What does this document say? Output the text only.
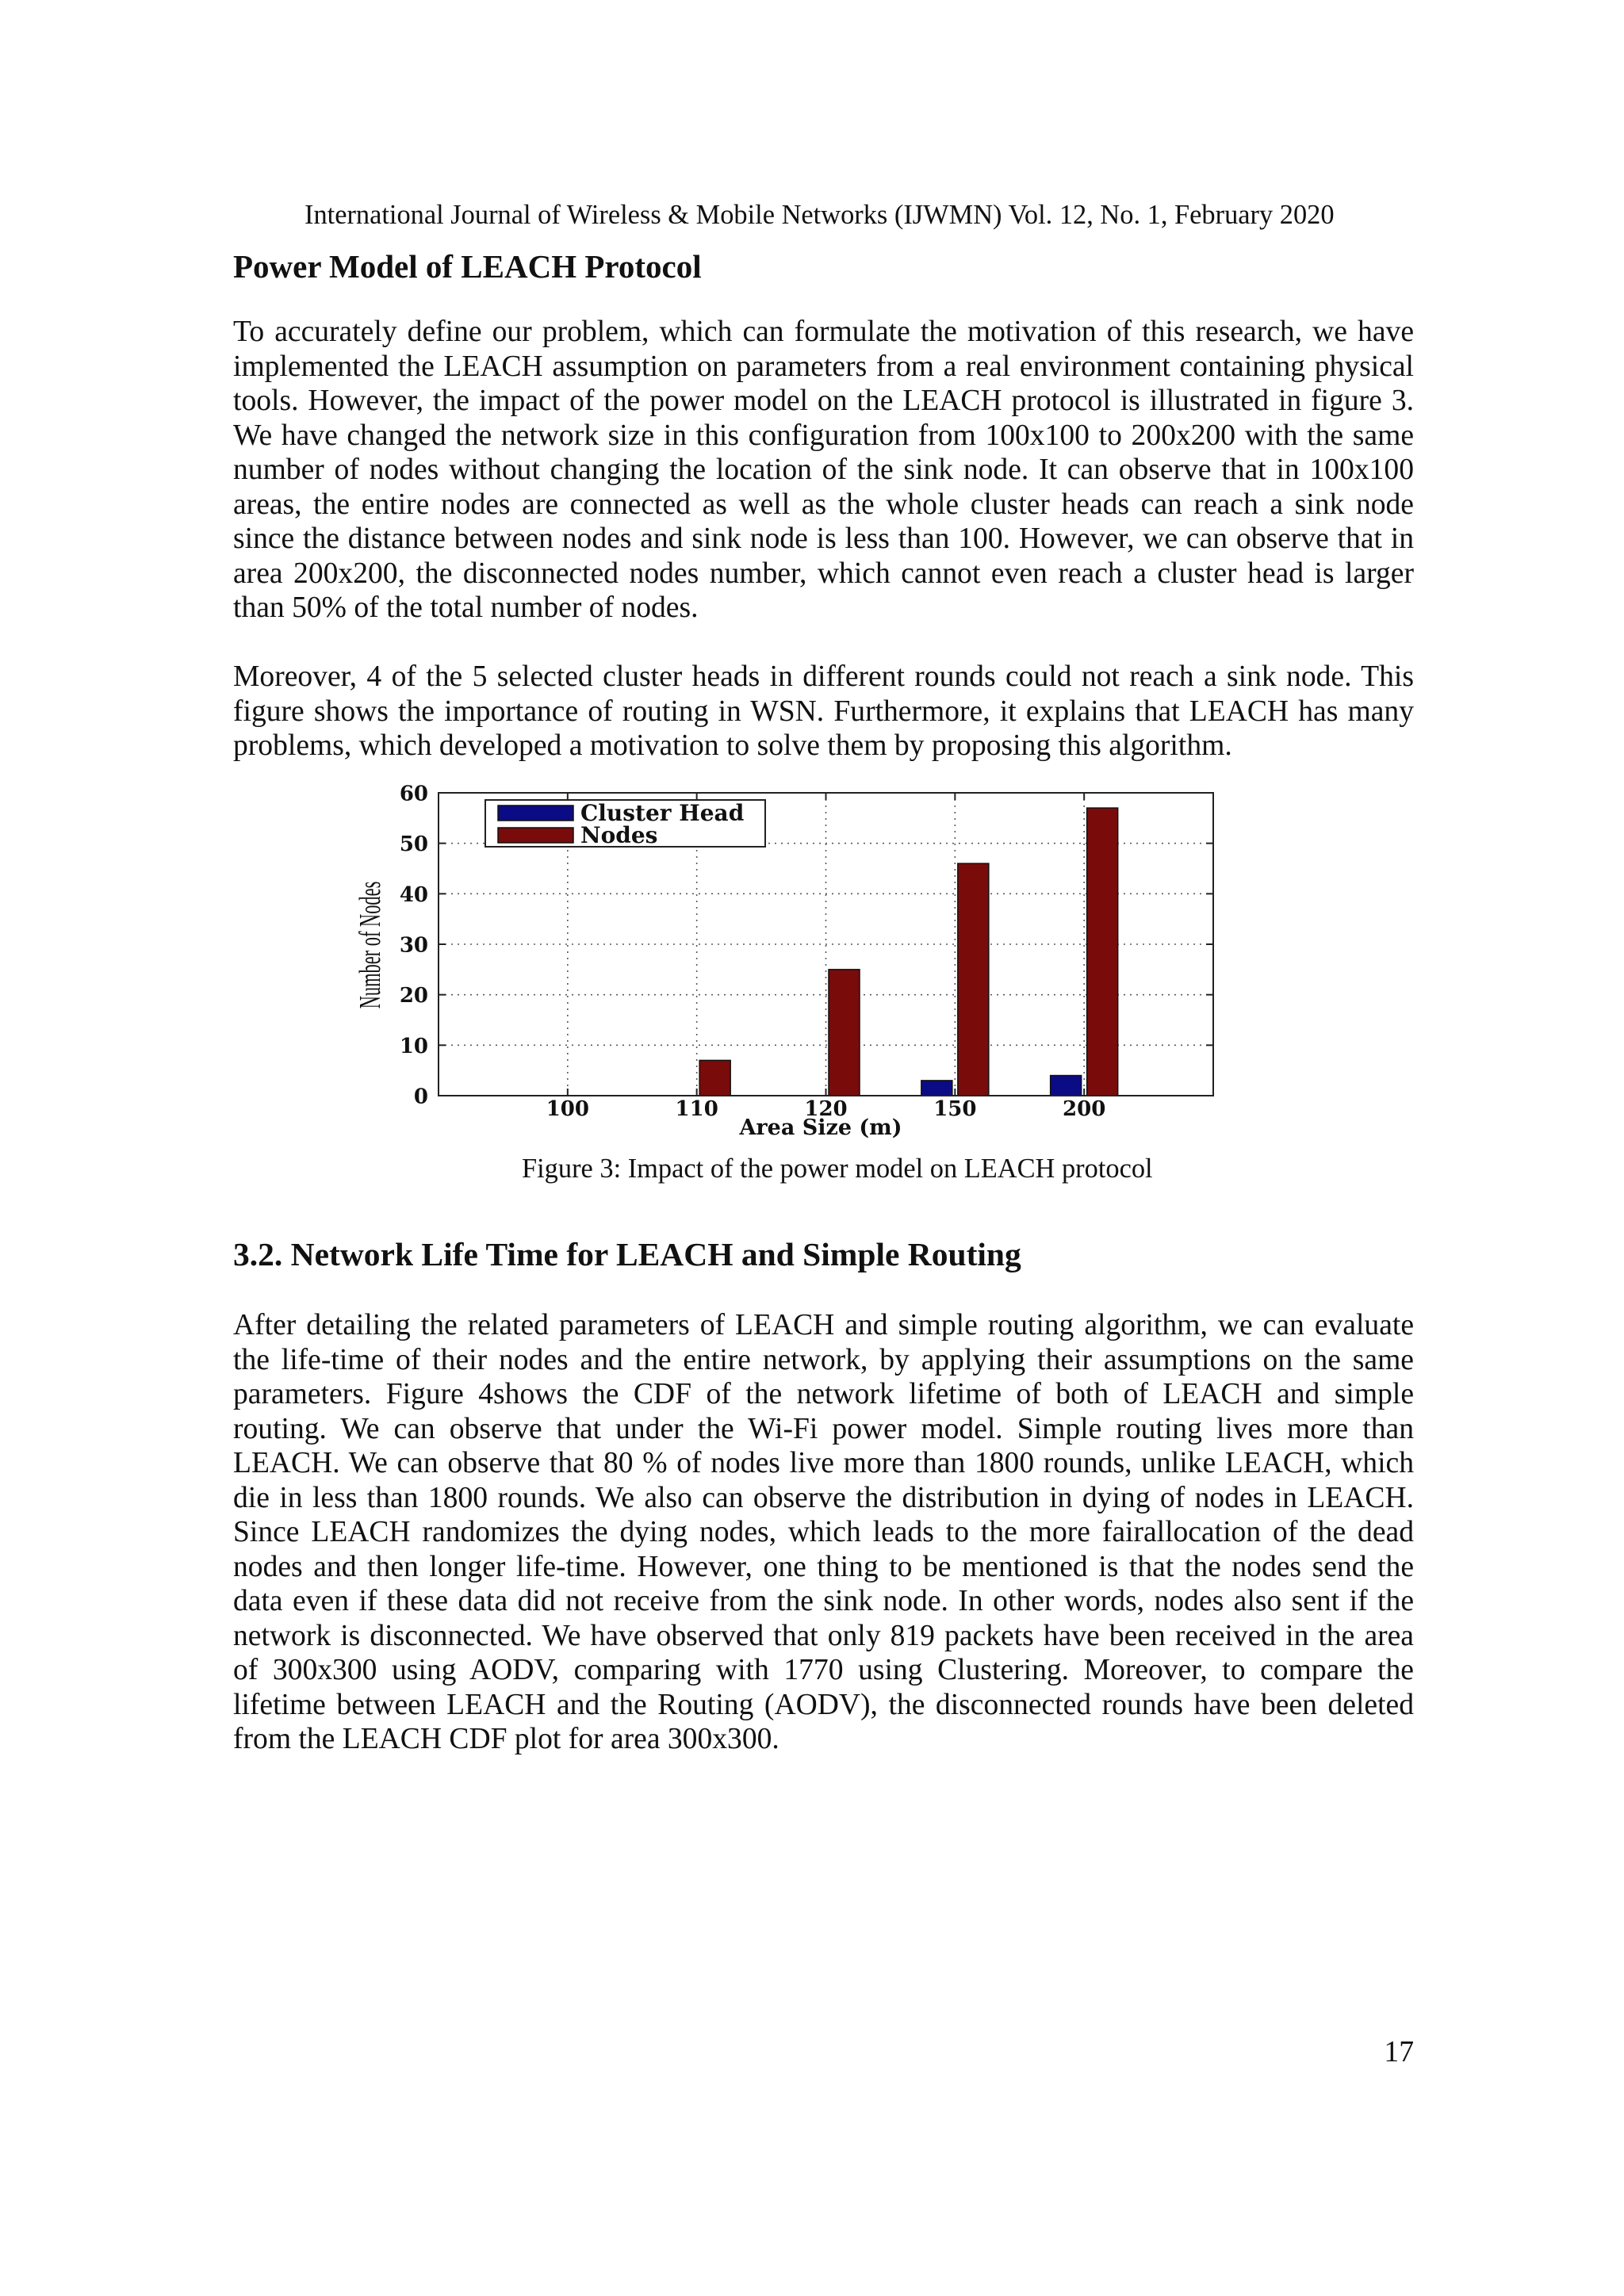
International Journal of Wireless & Mobile Networks (IJWMN) Vol. 12, No. 1, February 2020
Power Model of LEACH Protocol
To accurately define our problem, which can formulate the motivation of this research, we have
implemented the LEACH assumption on parameters from a real environment containing physical
tools. However, the impact of the power model on the LEACH protocol is illustrated in figure 3.
We have changed the network size in this configuration from 100x100 to 200x200 with the same
number of nodes without changing the location of the sink node. It can observe that in 100x100
areas, the entire nodes are connected as well as the whole cluster heads can reach a sink node
since the distance between nodes and sink node is less than 100. However, we can observe that in
area 200x200, the disconnected nodes number, which cannot even reach a cluster head is larger
than 50% of the total number of nodes.
Moreover, 4 of the 5 selected cluster heads in different rounds could not reach a sink node. This
figure shows the importance of routing in WSN. Furthermore, it explains that LEACH has many
problems, which developed a motivation to solve them by proposing this algorithm.
0
10
20
30
40
50
60
100	110	120	150	200
Area Size (m)
Number of Nodes
Cluster Head
Nodes
Figure 3: Impact of the power model on LEACH protocol
3.2. Network Life Time for LEACH and Simple Routing
After detailing the related parameters of LEACH and simple routing algorithm, we can evaluate
the life-time of their nodes and the entire network, by applying their assumptions on the same
parameters. Figure 4shows the CDF of the network lifetime of both of LEACH and simple
routing. We can observe that under the Wi-Fi power model. Simple routing lives more than
LEACH. We can observe that 80 % of nodes live more than 1800 rounds, unlike LEACH, which
die in less than 1800 rounds. We also can observe the distribution in dying of nodes in LEACH.
Since LEACH randomizes the dying nodes, which leads to the more fairallocation of the dead
nodes and then longer life-time. However, one thing to be mentioned is that the nodes send the
data even if these data did not receive from the sink node. In other words, nodes also sent if the
network is disconnected. We have observed that only 819 packets have been received in the area
of 300x300 using AODV, comparing with 1770 using Clustering. Moreover, to compare the
lifetime between LEACH and the Routing (AODV), the disconnected rounds have been deleted
from the LEACH CDF plot for area 300x300.
17
